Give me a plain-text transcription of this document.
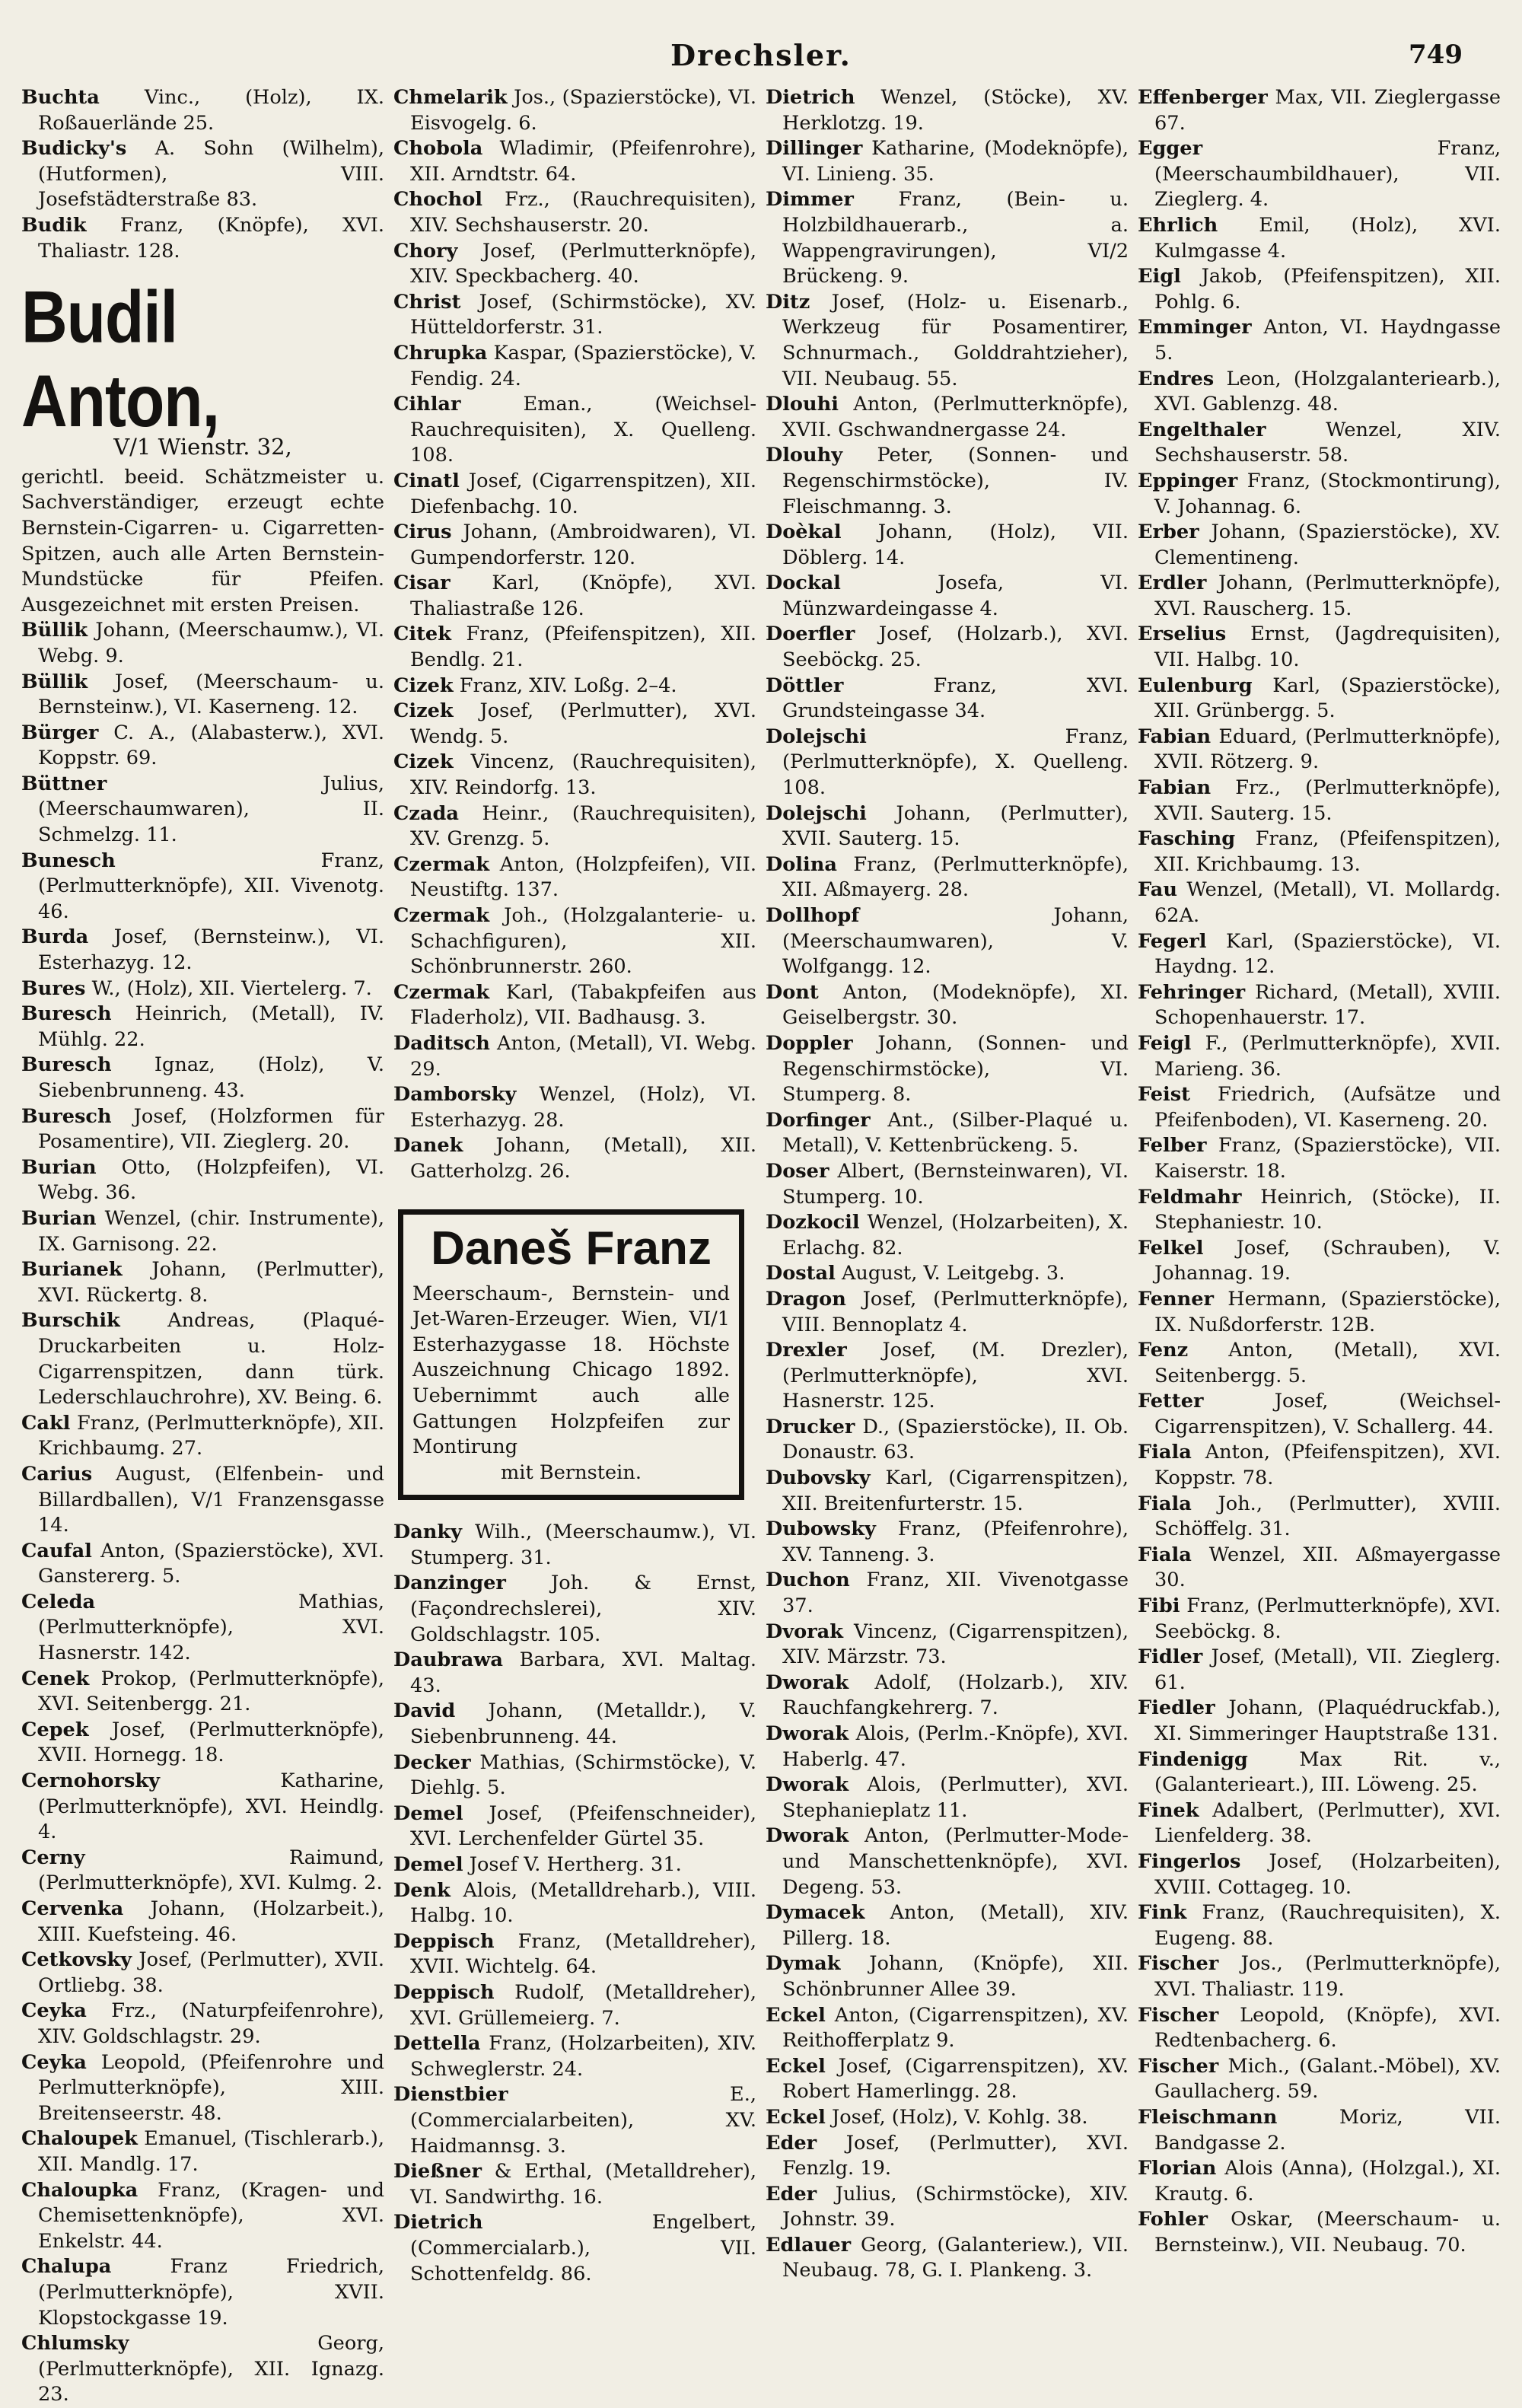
Drechsler.	749

Buchta Vinc., (Holz), IX. Roßauerlände 25.

Budicky's A. Sohn (Wilhelm), (Hutformen), VIII. Josefstädterstraße 83.

Budik Franz, (Knöpfe), XVI. Thaliastr. 128.

Budil Anton,
V/1 Wienstr. 32,
gerichtl. beeid. Schätzmeister u. Sachverständiger, erzeugt echte Bernstein-Cigarren- u. Cigarretten-Spitzen, auch alle Arten Bernstein-Mundstücke für Pfeifen. Ausgezeichnet mit ersten Preisen.

Büllik Johann, (Meerschaumw.), VI. Webg. 9.

Büllik Josef, (Meerschaum- u. Bernsteinw.), VI. Kaserneng. 12.

Bürger C. A., (Alabasterw.), XVI. Koppstr. 69.

Büttner	Julius, (Meerschaumwaren), II. Schmelzg. 11.

Bunesch	Franz, (Perlmutterknöpfe), XII. Vivenotg. 46.

Burda Josef, (Bernsteinw.), VI. Esterhazyg. 12.

Bures W., (Holz), XII. Viertelerg. 7.

Buresch Heinrich, (Metall), IV. Mühlg. 22.

Buresch Ignaz, (Holz), V. Siebenbrunneng. 43.

Buresch Josef, (Holzformen für Posamentire), VII. Zieglerg. 20.

Burian Otto, (Holzpfeifen), VI. Webg. 36.

Burian Wenzel, (chir. Instrumente), IX. Garnisong. 22.

Burianek Johann, (Perlmutter), XVI. Rückertg. 8.

Burschik Andreas, (Plaqué-Druckarbeiten u. Holz-Cigarrenspitzen, dann türk. Lederschlauchrohre), XV. Being. 6.

Cakl Franz, (Perlmutterknöpfe), XII. Krichbaumg. 27.

Carius August, (Elfenbein- und Billardballen), V/1 Franzensgasse 14.

Caufal Anton, (Spazierstöcke), XVI. Ganstererg. 5.

Celeda	Mathias, (Perlmutterknöpfe), XVI. Hasnerstr. 142.

Cenek Prokop, (Perlmutterknöpfe), XVI. Seitenbergg. 21.

Cepek Josef, (Perlmutterknöpfe), XVII. Hornegg. 18.

Cernohorsky	Katharine, (Perlmutterknöpfe), XVI. Heindlg. 4.

Cerny	Raimund, (Perlmutterknöpfe), XVI. Kulmg. 2.

Cervenka Johann, (Holzarbeit.), XIII. Kuefsteing. 46.

Cetkovsky Josef, (Perlmutter), XVII. Ortliebg. 38.

Ceyka Frz., (Naturpfeifenrohre), XIV. Goldschlagstr. 29.

Ceyka Leopold, (Pfeifenrohre und Perlmutterknöpfe), XIII. Breitenseerstr. 48.

Chaloupek Emanuel, (Tischlerarb.), XII. Mandlg. 17.

Chaloupka Franz, (Kragen- und Chemisettenknöpfe), XVI. Enkelstr. 44.

Chalupa	Franz Friedrich, (Perlmutterknöpfe), XVII. Klopstockgasse 19.

Chlumsky	Georg, (Perlmutterknöpfe), XII. Ignazg. 23.

Chmelarik Jos., (Spazierstöcke), VI. Eisvogelg. 6.

Chobola Wladimir, (Pfeifenrohre), XII. Arndtstr. 64.

Chochol Frz., (Rauchrequisiten), XIV. Sechshauserstr. 20.

Chory Josef, (Perlmutterknöpfe), XIV. Speckbacherg. 40.

Christ Josef, (Schirmstöcke), XV. Hütteldorferstr. 31.

Chrupka Kaspar, (Spazierstöcke), V. Fendig. 24.

Cihlar	Eman., (Weichsel-Rauchrequisiten), X. Quelleng. 108.

Cinatl Josef, (Cigarrenspitzen), XII. Diefenbachg. 10.

Cirus Johann, (Ambroidwaren), VI. Gumpendorferstr. 120.

Cisar Karl, (Knöpfe), XVI. Thaliastraße 126.

Citek Franz, (Pfeifenspitzen), XII. Bendlg. 21.

Cizek Franz, XIV. Loßg. 2–4.

Cizek Josef, (Perlmutter), XVI. Wendg. 5.

Cizek Vincenz, (Rauchrequisiten), XIV. Reindorfg. 13.

Czada Heinr., (Rauchrequisiten), XV. Grenzg. 5.

Czermak Anton, (Holzpfeifen), VII. Neustiftg. 137.

Czermak Joh., (Holzgalanterie- u. Schachfiguren), XII. Schönbrunnerstr. 260.

Czermak Karl, (Tabakpfeifen aus Fladerholz), VII. Badhausg. 3.

Daditsch Anton, (Metall), VI. Webg. 29.

Damborsky Wenzel, (Holz), VI. Esterhazyg. 28.

Danek Johann, (Metall), XII. Gatterholzg. 26.

Daneš Franz
Meerschaum-, Bernstein- und Jet-Waren-Erzeuger. Wien, VI/1 Esterhazygasse 18. Höchste Auszeichnung Chicago 1892. Uebernimmt auch alle Gattungen Holzpfeifen zur Montirung
mit Bernstein.

Danky Wilh., (Meerschaumw.), VI. Stumperg. 31.

Danzinger Joh. & Ernst, (Façondrechslerei), XIV. Goldschlagstr. 105.

Daubrawa Barbara, XVI. Maltag. 43.

David Johann, (Metalldr.), V. Siebenbrunneng. 44.

Decker Mathias, (Schirmstöcke), V. Diehlg. 5.

Demel Josef, (Pfeifenschneider), XVI. Lerchenfelder Gürtel 35.

Demel Josef V. Hertherg. 31.

Denk Alois, (Metalldreharb.), VIII. Halbg. 10.

Deppisch Franz, (Metalldreher), XVII. Wichtelg. 64.

Deppisch Rudolf, (Metalldreher), XVI. Grüllemeierg. 7.

Dettella Franz, (Holzarbeiten), XIV. Schweglerstr. 24.

Dienstbier	E., (Commercialarbeiten), XV. Haidmannsg. 3.

Dießner & Erthal, (Metalldreher), VI. Sandwirthg. 16.

Dietrich	Engelbert, (Commercialarb.), VII. Schottenfeldg. 86.

Dietrich Wenzel, (Stöcke), XV. Herklotzg. 19.

Dillinger Katharine, (Modeknöpfe), VI. Linieng. 35.

Dimmer Franz, (Bein- u. Holzbildhauerarb., a. Wappengravirungen), VI/2 Brückeng. 9.

Ditz Josef, (Holz- u. Eisenarb., Werkzeug für Posamentirer, Schnurmach., Golddrahtzieher), VII. Neubaug. 55.

Dlouhi Anton, (Perlmutterknöpfe), XVII. Gschwandnergasse 24.

Dlouhy Peter, (Sonnen- und Regenschirmstöcke), IV. Fleischmanng. 3.

Doèkal Johann, (Holz), VII. Döblerg. 14.

Dockal	Josefa, VI. Münzwardeingasse 4.

Doerfler Josef, (Holzarb.), XVI. Seeböckg. 25.

Döttler	Franz, XVI. Grundsteingasse 34.

Dolejschi	Franz, (Perlmutterknöpfe), X. Quelleng. 108.

Dolejschi Johann, (Perlmutter), XVII. Sauterg. 15.

Dolina Franz, (Perlmutterknöpfe), XII. Aßmayerg. 28.

Dollhopf	Johann, (Meerschaumwaren), V. Wolfgangg. 12.

Dont Anton, (Modeknöpfe), XI. Geiselbergstr. 30.

Doppler Johann, (Sonnen- und Regenschirmstöcke), VI. Stumperg. 8.

Dorfinger Ant., (Silber-Plaqué u. Metall), V. Kettenbrückeng. 5.

Doser Albert, (Bernsteinwaren), VI. Stumperg. 10.

Dozkocil Wenzel, (Holzarbeiten), X. Erlachg. 82.

Dostal August, V. Leitgebg. 3.

Dragon Josef, (Perlmutterknöpfe), VIII. Bennoplatz 4.

Drexler Josef, (M. Drezler), (Perlmutterknöpfe), XVI. Hasnerstr. 125.

Drucker D., (Spazierstöcke), II. Ob. Donaustr. 63.

Dubovsky Karl, (Cigarrenspitzen), XII. Breitenfurterstr. 15.

Dubowsky Franz, (Pfeifenrohre), XV. Tanneng. 3.

Duchon Franz, XII. Vivenotgasse 37.

Dvorak Vincenz, (Cigarrenspitzen), XIV. Märzstr. 73.

Dworak Adolf, (Holzarb.), XIV. Rauchfangkehrerg. 7.

Dworak Alois, (Perlm.-Knöpfe), XVI. Haberlg. 47.

Dworak Alois, (Perlmutter), XVI. Stephanieplatz 11.

Dworak Anton, (Perlmutter-Mode- und Manschettenknöpfe), XVI. Degeng. 53.

Dymacek Anton, (Metall), XIV. Pillerg. 18.

Dymak Johann, (Knöpfe), XII. Schönbrunner Allee 39.

Eckel Anton, (Cigarrenspitzen), XV. Reithofferplatz 9.

Eckel Josef, (Cigarrenspitzen), XV. Robert Hamerlingg. 28.

Eckel Josef, (Holz), V. Kohlg. 38.

Eder Josef, (Perlmutter), XVI. Fenzlg. 19.

Eder Julius, (Schirmstöcke), XIV. Johnstr. 39.

Edlauer Georg, (Galanteriew.), VII. Neubaug. 78, G. I. Plankeng. 3.

Effenberger Max, VII. Zieglergasse 67.

Egger	Franz, (Meerschaumbildhauer), VII. Zieglerg. 4.

Ehrlich Emil, (Holz), XVI. Kulmgasse 4.

Eigl Jakob, (Pfeifenspitzen), XII. Pohlg. 6.

Emminger Anton, VI. Haydngasse 5.

Endres Leon, (Holzgalanteriearb.), XVI. Gablenzg. 48.

Engelthaler	Wenzel, XIV. Sechshauserstr. 58.

Eppinger Franz, (Stockmontirung), V. Johannag. 6.

Erber Johann, (Spazierstöcke), XV. Clementineng.

Erdler Johann, (Perlmutterknöpfe), XVI. Rauscherg. 15.

Erselius Ernst, (Jagdrequisiten), VII. Halbg. 10.

Eulenburg Karl, (Spazierstöcke), XII. Grünbergg. 5.

Fabian Eduard, (Perlmutterknöpfe), XVII. Rötzerg. 9.

Fabian Frz., (Perlmutterknöpfe), XVII. Sauterg. 15.

Fasching Franz, (Pfeifenspitzen), XII. Krichbaumg. 13.

Fau Wenzel, (Metall), VI. Mollardg. 62A.

Fegerl Karl, (Spazierstöcke), VI. Haydng. 12.

Fehringer Richard, (Metall), XVIII. Schopenhauerstr. 17.

Feigl F., (Perlmutterknöpfe), XVII. Marieng. 36.

Feist Friedrich, (Aufsätze und Pfeifenboden), VI. Kaserneng. 20.

Felber Franz, (Spazierstöcke), VII. Kaiserstr. 18.

Feldmahr Heinrich, (Stöcke), II. Stephaniestr. 10.

Felkel Josef, (Schrauben), V. Johannag. 19.

Fenner Hermann, (Spazierstöcke), IX. Nußdorferstr. 12B.

Fenz Anton, (Metall), XVI. Seitenbergg. 5.

Fetter	Josef, (Weichsel-Cigarrenspitzen), V. Schallerg. 44.

Fiala Anton, (Pfeifenspitzen), XVI. Koppstr. 78.

Fiala Joh., (Perlmutter), XVIII. Schöffelg. 31.

Fiala Wenzel, XII. Aßmayergasse 30.

Fibi Franz, (Perlmutterknöpfe), XVI. Seeböckg. 8.

Fidler Josef, (Metall), VII. Zieglerg. 61.

Fiedler Johann, (Plaquédruckfab.), XI. Simmeringer Hauptstraße 131.

Findenigg	Max Rit. v., (Galanterieart.), III. Löweng. 25.

Finek Adalbert, (Perlmutter), XVI. Lienfelderg. 38.

Fingerlos Josef, (Holzarbeiten), XVIII. Cottageg. 10.

Fink Franz, (Rauchrequisiten), X. Eugeng. 88.

Fischer Jos., (Perlmutterknöpfe), XVI. Thaliastr. 119.

Fischer Leopold, (Knöpfe), XVI. Redtenbacherg. 6.

Fischer Mich., (Galant.-Möbel), XV. Gaullacherg. 59.

Fleischmann	Moriz, VII. Bandgasse 2.

Florian Alois (Anna), (Holzgal.), XI. Krautg. 6.

Fohler Oskar, (Meerschaum- u. Bernsteinw.), VII. Neubaug. 70.
